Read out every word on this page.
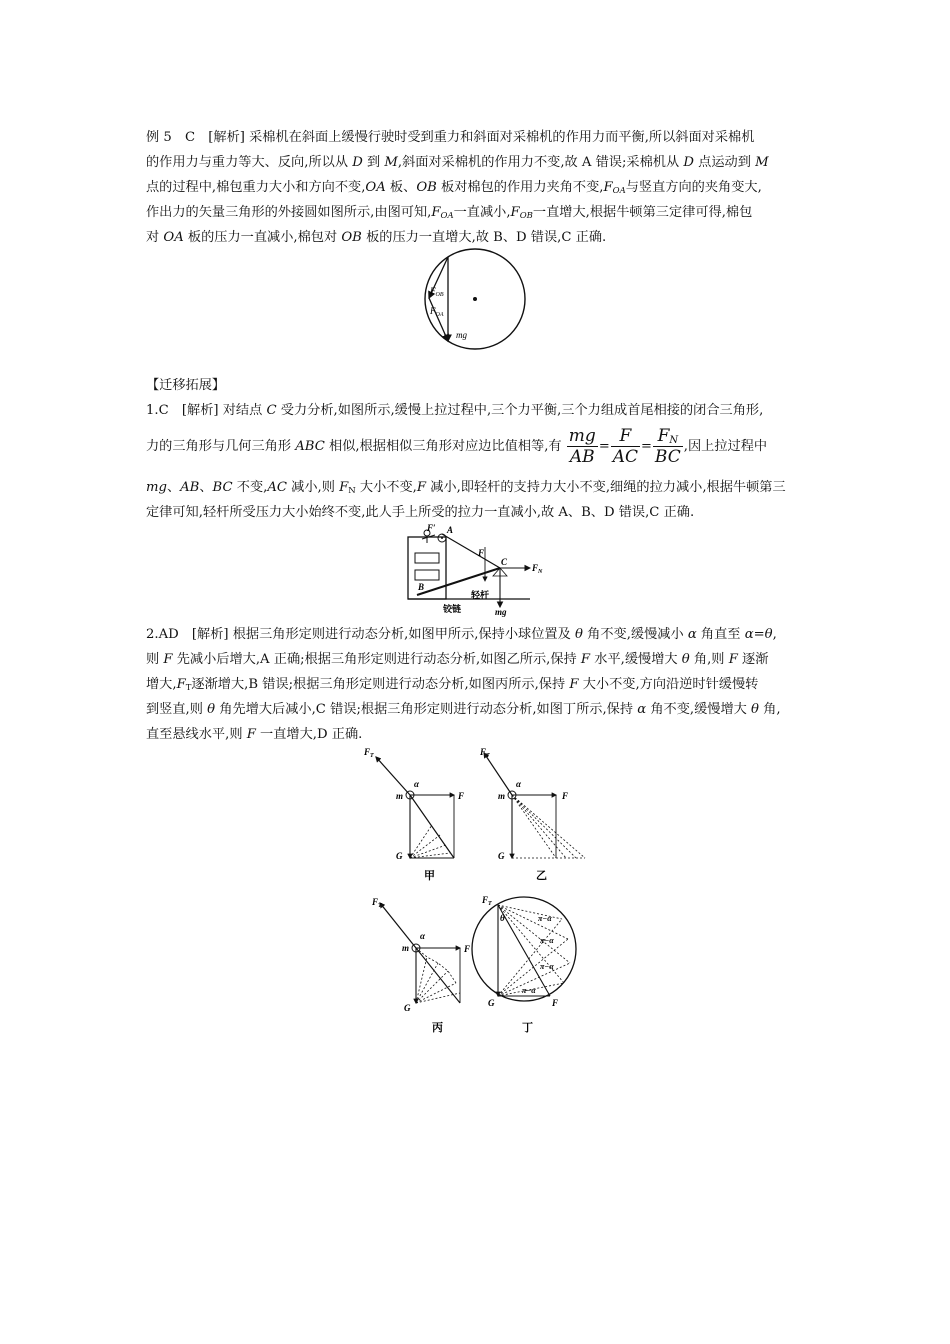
例 5　C　[解析] 采棉机在斜面上缓慢行驶时受到重力和斜面对采棉机的作用力而平衡,所以斜面对采棉机
的作用力与重力等大、反向,所以从 D 到 M,斜面对采棉机的作用力不变,故 A 错误;采棉机从 D 点运动到 M
点的过程中,棉包重力大小和方向不变,OA 板、OB 板对棉包的作用力夹角不变$,F_{OA}$与竖直方向的夹角变大,
作出力的矢量三角形的外接圆如图所示,由图可知$,F_{OA}$一直减小$,F_{OB}$一直增大,根据牛顿第三定律可得,棉包
对 OA 板的压力一直减小,棉包对 OB 板的压力一直增大,故 B、D 错误,C 正确.
$F_{OB}$
$F_{OA}$
mg
【迁移拓展】
1.C　[解析] 对结点 C 受力分析,如图所示,缓慢上拉过程中,三个力平衡,三个力组成首尾相接的闭合三角形,
力的三角形与几何三角形 ABC 相似,根据相似三角形对应边比值相等,有 $\frac{mg}{AB} = \frac{F}{AC} = \frac{F_N}{BC}$ ,因上拉过程中
mg、AB、BC 不变,AC 减小,则 $F_N$ 大小不变,F 减小,即轻杆的支持力大小不变,细绳的拉力减小,根据牛顿第三
定律可知,轻杆所受压力大小始终不变,此人手上所受的拉力一直减小,故 A、B、D 错误,C 正确.
F′ A
F
C
$F_N$
B
轻杆
mg
铰链
2.AD　[解析] 根据三角形定则进行动态分析,如图甲所示,保持小球位置及 θ 角不变,缓慢减小 α 角直至 α=θ,
则 F 先减小后增大,A 正确;根据三角形定则进行动态分析,如图乙所示,保持 F 水平,缓慢增大 θ 角,则 F 逐渐
增大$,F_T$逐渐增大,B 错误;根据三角形定则进行动态分析,如图丙所示,保持 F 大小不变,方向沿逆时针缓慢转
到竖直,则 θ 角先增大后减小,C 错误;根据三角形定则进行动态分析,如图丁所示,保持 α 角不变,缓慢增大 θ 角,
直至悬线水平,则 F 一直增大,D 正确.
$F_T$
α
m	F
G
甲
$F_T$
α
m	F
G
乙
$F_T$
α
m	F
G
丙
$F_T$
θ	π−α
π−α
π−α
π−α
G	F
丁
